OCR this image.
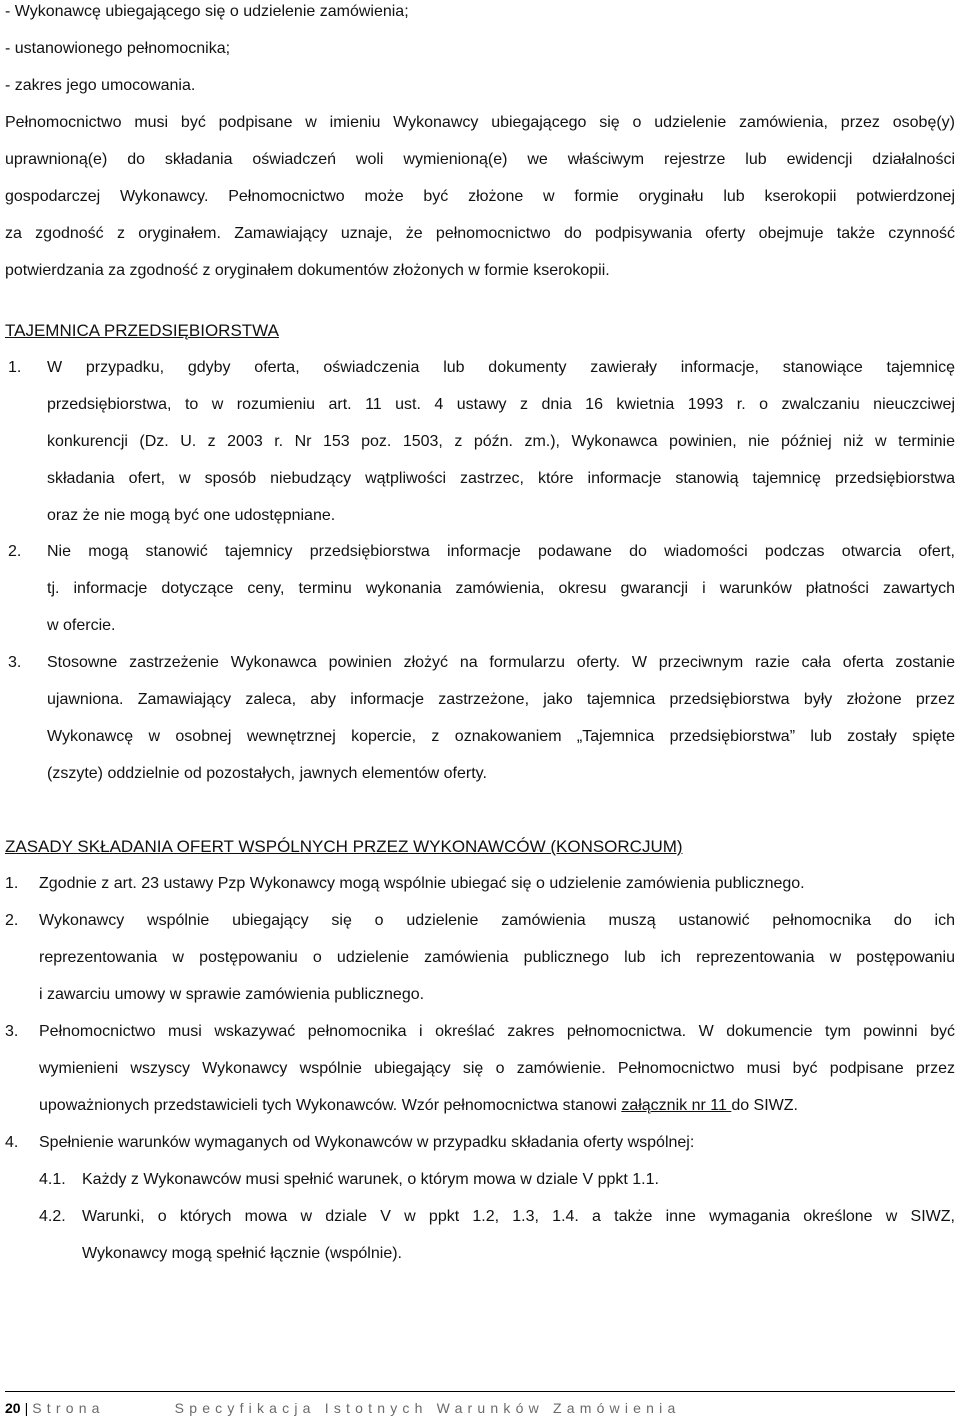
- Wykonawcę ubiegającego się o udzielenie zamówienia;
- ustanowionego pełnomocnika;
- zakres jego umocowania.
Pełnomocnictwo musi być podpisane w imieniu Wykonawcy ubiegającego się o udzielenie zamówienia, przez osobę(y)
uprawnioną(e) do składania oświadczeń woli wymienioną(e) we właściwym rejestrze lub ewidencji działalności
gospodarczej Wykonawcy. Pełnomocnictwo może być złożone w formie oryginału lub kserokopii potwierdzonej
za zgodność z oryginałem. Zamawiający uznaje, że pełnomocnictwo do podpisywania oferty obejmuje także czynność
potwierdzania za zgodność z oryginałem dokumentów złożonych w formie kserokopii.
TAJEMNICA PRZEDSIĘBIORSTWA
1. W przypadku, gdyby oferta, oświadczenia lub dokumenty zawierały informacje, stanowiące tajemnicę
przedsiębiorstwa, to w rozumieniu art. 11 ust. 4 ustawy z dnia 16 kwietnia 1993 r. o zwalczaniu nieuczciwej
konkurencji (Dz. U. z 2003 r. Nr 153 poz. 1503, z późn. zm.), Wykonawca powinien, nie później niż w terminie
składania ofert, w sposób niebudzący wątpliwości zastrzec, które informacje stanowią tajemnicę przedsiębiorstwa
oraz że nie mogą być one udostępniane.
2. Nie mogą stanowić tajemnicy przedsiębiorstwa informacje podawane do wiadomości podczas otwarcia ofert,
tj. informacje dotyczące ceny, terminu wykonania zamówienia, okresu gwarancji i warunków płatności zawartych
w ofercie.
3. Stosowne zastrzeżenie Wykonawca powinien złożyć na formularzu oferty. W przeciwnym razie cała oferta zostanie
ujawniona. Zamawiający zaleca, aby informacje zastrzeżone, jako tajemnica przedsiębiorstwa były złożone przez
Wykonawcę w osobnej wewnętrznej kopercie, z oznakowaniem „Tajemnica przedsiębiorstwa” lub zostały spięte
(zszyte) oddzielnie od pozostałych, jawnych elementów oferty.
ZASADY SKŁADANIA OFERT WSPÓLNYCH PRZEZ WYKONAWCÓW (KONSORCJUM)
1. Zgodnie z art. 23 ustawy Pzp Wykonawcy mogą wspólnie ubiegać się o udzielenie zamówienia publicznego.
2. Wykonawcy wspólnie ubiegający się o udzielenie zamówienia muszą ustanowić pełnomocnika do ich
reprezentowania w postępowaniu o udzielenie zamówienia publicznego lub ich reprezentowania w postępowaniu
i zawarciu umowy w sprawie zamówienia publicznego.
3. Pełnomocnictwo musi wskazywać pełnomocnika i określać zakres pełnomocnictwa. W dokumencie tym powinni być
wymienieni wszyscy Wykonawcy wspólnie ubiegający się o zamówienie. Pełnomocnictwo musi być podpisane przez
upoważnionych przedstawicieli tych Wykonawców. Wzór pełnomocnictwa stanowi załącznik nr 11 do SIWZ.
4. Spełnienie warunków wymaganych od Wykonawców w przypadku składania oferty wspólnej:
4.1. Każdy z Wykonawców musi spełnić warunek, o którym mowa w dziale V ppkt 1.1.
4.2. Warunki, o których mowa w dziale V w ppkt 1.2, 1.3, 1.4. a także inne wymagania określone w SIWZ,
Wykonawcy mogą spełnić łącznie (wspólnie).
20 | Strona	Specyfikacja Istotnych Warunków Zamówienia
